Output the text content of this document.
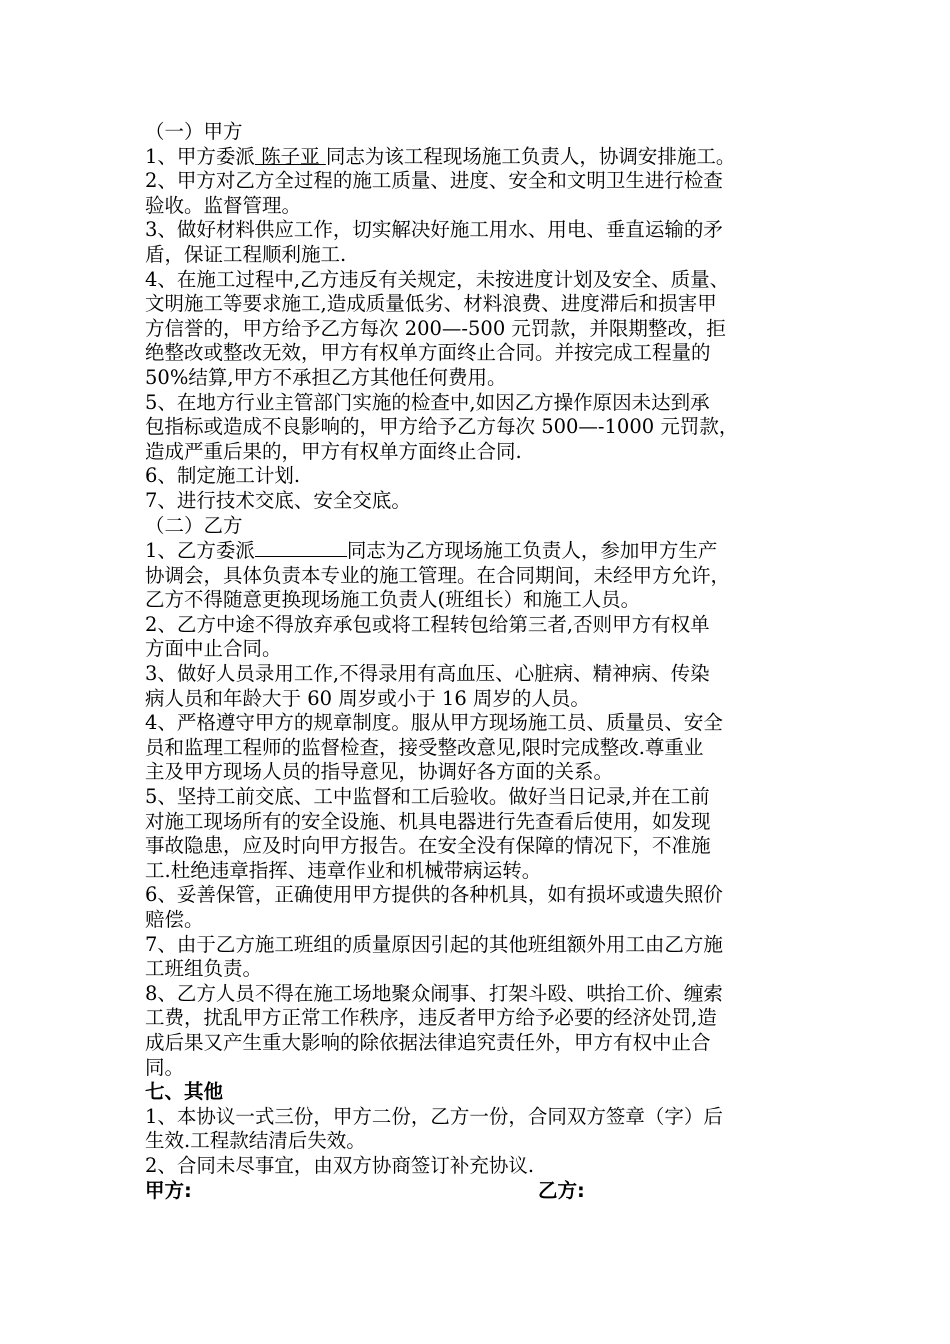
（一）甲方
1、甲方委派 陈子亚 同志为该工程现场施工负责人，协调安排施工。
2、甲方对乙方全过程的施工质量、进度、安全和文明卫生进行检查
验收。监督管理。
3、做好材料供应工作，切实解决好施工用水、用电、垂直运输的矛
盾，保证工程顺利施工.
4、在施工过程中,乙方违反有关规定，未按进度计划及安全、质量、
文明施工等要求施工,造成质量低劣、材料浪费、进度滞后和损害甲
方信誉的，甲方给予乙方每次 200—-500 元罚款，并限期整改，拒
绝整改或整改无效，甲方有权单方面终止合同。并按完成工程量的
50%结算,甲方不承担乙方其他任何费用。
5、在地方行业主管部门实施的检查中,如因乙方操作原因未达到承
包指标或造成不良影响的，甲方给予乙方每次 500—-1000 元罚款，
造成严重后果的，甲方有权单方面终止合同.
6、制定施工计划.
7、进行技术交底、安全交底。
（二）乙方
1、乙方委派	同志为乙方现场施工负责人，参加甲方生产
协调会，具体负责本专业的施工管理。在合同期间，未经甲方允许，
乙方不得随意更换现场施工负责人(班组长）和施工人员。
2、乙方中途不得放弃承包或将工程转包给第三者,否则甲方有权单
方面中止合同。
3、做好人员录用工作,不得录用有高血压、心脏病、精神病、传染
病人员和年龄大于 60 周岁或小于 16 周岁的人员。
4、严格遵守甲方的规章制度。服从甲方现场施工员、质量员、安全
员和监理工程师的监督检查，接受整改意见,限时完成整改.尊重业
主及甲方现场人员的指导意见，协调好各方面的关系。
5、坚持工前交底、工中监督和工后验收。做好当日记录,并在工前
对施工现场所有的安全设施、机具电器进行先查看后使用，如发现
事故隐患，应及时向甲方报告。在安全没有保障的情况下，不准施
工.杜绝违章指挥、违章作业和机械带病运转。
6、妥善保管，正确使用甲方提供的各种机具，如有损坏或遗失照价
赔偿。
7、由于乙方施工班组的质量原因引起的其他班组额外用工由乙方施
工班组负责。
8、乙方人员不得在施工场地聚众闹事、打架斗殴、哄抬工价、缠索
工费，扰乱甲方正常工作秩序，违反者甲方给予必要的经济处罚,造
成后果又产生重大影响的除依据法律追究责任外，甲方有权中止合
同。
七、其他
1、本协议一式三份，甲方二份，乙方一份，合同双方签章（字）后
生效.工程款结清后失效。
2、合同未尽事宜，由双方协商签订补充协议.
甲方:	乙方:
